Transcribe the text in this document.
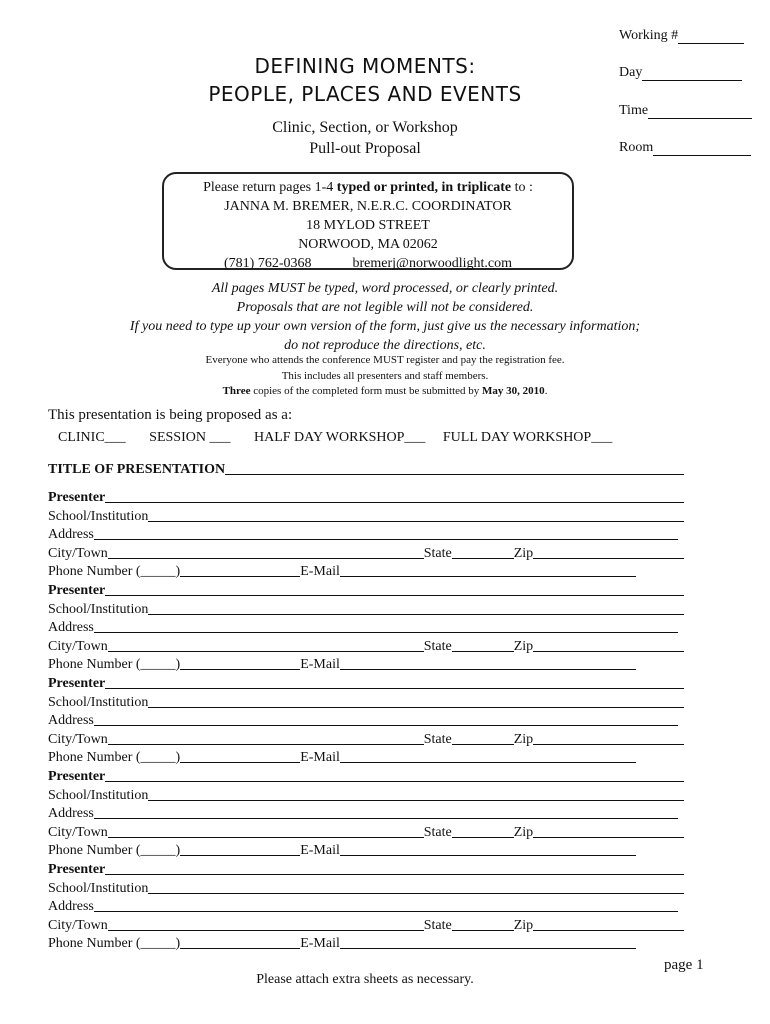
Working #
Day
Time
Room
DEFINING MOMENTS:
PEOPLE, PLACES AND EVENTS
Clinic, Section, or Workshop
Pull-out Proposal
Please return pages 1-4 typed or printed, in triplicate to :
JANNA M. BREMER, N.E.R.C. COORDINATOR
18 MYLOD STREET
NORWOOD, MA 02062
(781) 762-0368	bremerj@norwoodlight.com
All pages MUST be typed, word processed, or clearly printed.
Proposals that are not legible will not be considered.
If you need to type up your own version of the form, just give us the necessary information;
do not reproduce the directions, etc.
Everyone who attends the conference MUST register and pay the registration fee.
This includes all presenters and staff members.
Three copies of the completed form must be submitted by May 30, 2010.
This presentation is being proposed as a:
CLINIC___ SESSION ___ HALF DAY WORKSHOP___ FULL DAY WORKSHOP___
TITLE OF PRESENTATION
Presenter
School/Institution
Address
City/Town	State	Zip
Phone Number (_____)	E-Mail
Presenter
School/Institution
Address
City/Town	State	Zip
Phone Number (_____)	E-Mail
Presenter
School/Institution
Address
City/Town	State	Zip
Phone Number (_____)	E-Mail
Presenter
School/Institution
Address
City/Town	State	Zip
Phone Number (_____)	E-Mail
Presenter
School/Institution
Address
City/Town	State	Zip
Phone Number (_____)	E-Mail
page 1
Please attach extra sheets as necessary.
